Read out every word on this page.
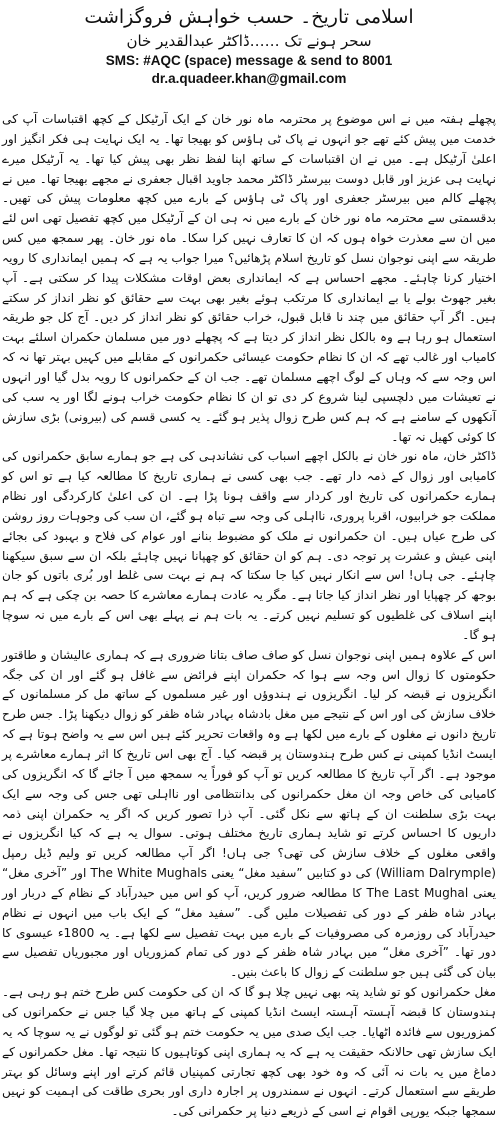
اسلامی تاریخ۔ حسب خواہش فروگزاشت
سحر ہونے تک ……ڈاکٹر عبدالقدیر خان
SMS: #AQC (space) message & send to 8001
dr.a.quadeer.khan@gmail.com

پچھلے ہفتہ میں نے اس موضوع پر محترمہ ماہ نور خان کے ایک آرٹیکل کے کچھ اقتباسات آپ کی خدمت میں پیش کئے تھے جو انہوں نے پاک ٹی ہاؤس کو بھیجا تھا۔ یہ ایک نہایت ہی فکر انگیز اور اعلیٰ آرٹیکل ہے۔ میں نے ان اقتباسات کے ساتھ اپنا لفظ نظر بھی پیش کیا تھا۔ یہ آرٹیکل میرے نہایت ہی عزیز اور قابل دوست بیرسٹر ڈاکٹر محمد جاوید اقبال جعفری نے مجھے بھیجا تھا۔ میں نے پچھلے کالم میں بیرسٹر جعفری اور پاک ٹی ہاؤس کے بارے میں کچھ معلومات پیش کی تھیں۔ بدقسمتی سے محترمہ ماہ نور خان کے بارے میں نہ ہی ان کے آرٹیکل میں کچھ تفصیل تھی اس لئے میں ان سے معذرت خواہ ہوں کہ ان کا تعارف نہیں کرا سکا۔ ماہ نور خان۔ پھر سمجھ میں کس طریقہ سے اپنی نوجوان نسل کو تاریخ اسلام پڑھائیں؟ میرا جواب یہ ہے کہ ہمیں ایمانداری کا رویہ اختیار کرنا چاہئے۔ مجھے احساس ہے کہ ایمانداری بعض اوقات مشکلات پیدا کر سکتی ہے۔ آپ بغیر جھوٹ بولے یا بے ایمانداری کا مرتکب ہوئے بغیر بھی بہت سے حقائق کو نظر انداز کر سکتے ہیں۔ اگر آپ حقائق میں چند نا قابل قبول، خراب حقائق کو نظر انداز کر دیں۔ آج کل جو طریقہ استعمال ہو رہا ہے وہ بالکل نظر انداز کر دیتا ہے کہ پچھلے دور میں مسلمان حکمران اسلئے بہت کامیاب اور غالب تھے کہ ان کا نظام حکومت عیسائی حکمرانوں کے مقابلے میں کہیں بہتر تھا نہ کہ اس وجہ سے کہ وہاں کے لوگ اچھے مسلمان تھے۔ جب ان کے حکمرانوں کا رویہ بدل گیا اور انہوں نے تعیشات میں دلچسپی لینا شروع کر دی تو ان کا نظام حکومت خراب ہونے لگا اور یہ سب کی آنکھوں کے سامنے ہے کہ ہم کس طرح زوال پذیر ہو گئے۔ یہ کسی قسم کی (بیرونی) بڑی سازش کا کوئی کھیل نہ تھا۔

ڈاکٹر خان، ماہ نور خان نے بالکل اچھے اسباب کی نشاندہی کی ہے جو ہمارے سابق حکمرانوں کی کامیابی اور زوال کے ذمہ دار تھے۔ جب بھی کسی نے ہماری تاریخ کا مطالعہ کیا ہے تو اس کو ہمارے حکمرانوں کی تاریخ اور کردار سے واقف ہونا پڑا ہے۔ ان کی اعلیٰ کارکردگی اور نظام مملکت جو خرابیوں، اقربا پروری، نااہلی کی وجہ سے تباہ ہو گئے، ان سب کی وجوہات روز روشن کی طرح عیاں ہیں۔ ان حکمرانوں نے ملک کو مضبوط بنانے اور عوام کی فلاح و بہبود کی بجائے اپنی عیش و عشرت پر توجہ دی۔ ہم کو ان حقائق کو چھپانا نہیں چاہئے بلکہ ان سے سبق سیکھنا چاہئے۔ جی ہاں! اس سے انکار نہیں کیا جا سکتا کہ ہم نے بہت سی غلط اور بُری باتوں کو جان بوجھ کر چھپایا اور نظر انداز کیا جاتا ہے۔ مگر یہ عادت ہمارے معاشرے کا حصہ بن چکی ہے کہ ہم اپنے اسلاف کی غلطیوں کو تسلیم نہیں کرتے۔ یہ بات ہم نے پہلے بھی اس کے بارے میں نہ سوچا ہو گا۔

اس کے علاوہ ہمیں اپنی نوجوان نسل کو صاف صاف بتانا ضروری ہے کہ ہماری عالیشان و طاقتور حکومتوں کا زوال اس وجہ سے ہوا کہ حکمران اپنے فرائض سے غافل ہو گئے اور ان کی جگہ انگریزوں نے قبضہ کر لیا۔ انگریزوں نے ہندوؤں اور غیر مسلموں کے ساتھ مل کر مسلمانوں کے خلاف سازش کی اور اس کے نتیجے میں مغل بادشاہ بہادر شاہ ظفر کو زوال دیکھنا پڑا۔ جس طرح تاریخ دانوں نے مغلوں کے بارے میں لکھا ہے وہ واقعات تحریر کئے ہیں اس سے یہ واضح ہوتا ہے کہ ایسٹ انڈیا کمپنی نے کس طرح ہندوستان پر قبضہ کیا۔ آج بھی اس تاریخ کا اثر ہمارے معاشرے پر موجود ہے۔ اگر آپ تاریخ کا مطالعہ کریں تو آپ کو فوراً یہ سمجھ میں آ جائے گا کہ انگریزوں کی کامیابی کی خاص وجہ ان مغل حکمرانوں کی بدانتظامی اور نااہلی تھی جس کی وجہ سے ایک بہت بڑی سلطنت ان کے ہاتھ سے نکل گئی۔ آپ ذرا تصور کریں کہ اگر یہ حکمران اپنی ذمہ داریوں کا احساس کرتے تو شاید ہماری تاریخ مختلف ہوتی۔ سوال یہ ہے کہ کیا انگریزوں نے واقعی مغلوں کے خلاف سازش کی تھی؟ جی ہاں! اگر آپ مطالعہ کریں تو ولیم ڈیل رمپل (William Dalrymple) کی دو کتابیں ”سفید مغل“ یعنی The White Mughals اور ”آخری مغل“ یعنی The Last Mughal کا مطالعہ ضرور کریں، آپ کو اس میں حیدرآباد کے نظام کے دربار اور بہادر شاہ ظفر کے دور کی تفصیلات ملیں گی۔ ”سفید مغل“ کے ایک باب میں انہوں نے نظام حیدرآباد کی روزمرہ کی مصروفیات کے بارے میں بہت تفصیل سے لکھا ہے۔ یہ 1800ء عیسوی کا دور تھا۔ ”آخری مغل“ میں بہادر شاہ ظفر کے دور کی تمام کمزوریاں اور مجبوریاں تفصیل سے بیان کی گئی ہیں جو سلطنت کے زوال کا باعث بنیں۔

مغل حکمرانوں کو تو شاید پتہ بھی نہیں چلا ہو گا کہ ان کی حکومت کس طرح ختم ہو رہی ہے۔ ہندوستان کا قبضہ آہستہ آہستہ ایسٹ انڈیا کمپنی کے ہاتھ میں چلا گیا جس نے حکمرانوں کی کمزوریوں سے فائدہ اٹھایا۔ جب ایک صدی میں یہ حکومت ختم ہو گئی تو لوگوں نے یہ سوچا کہ یہ ایک سازش تھی حالانکہ حقیقت یہ ہے کہ یہ ہماری اپنی کوتاہیوں کا نتیجہ تھا۔ مغل حکمرانوں کے دماغ میں یہ بات نہ آئی کہ وہ خود بھی کچھ تجارتی کمپنیاں قائم کرتے اور اپنے وسائل کو بہتر طریقے سے استعمال کرتے۔ انہوں نے سمندروں پر اجارہ داری اور بحری طاقت کی اہمیت کو نہیں سمجھا جبکہ یورپی اقوام نے اسی کے ذریعے دنیا پر حکمرانی کی۔
